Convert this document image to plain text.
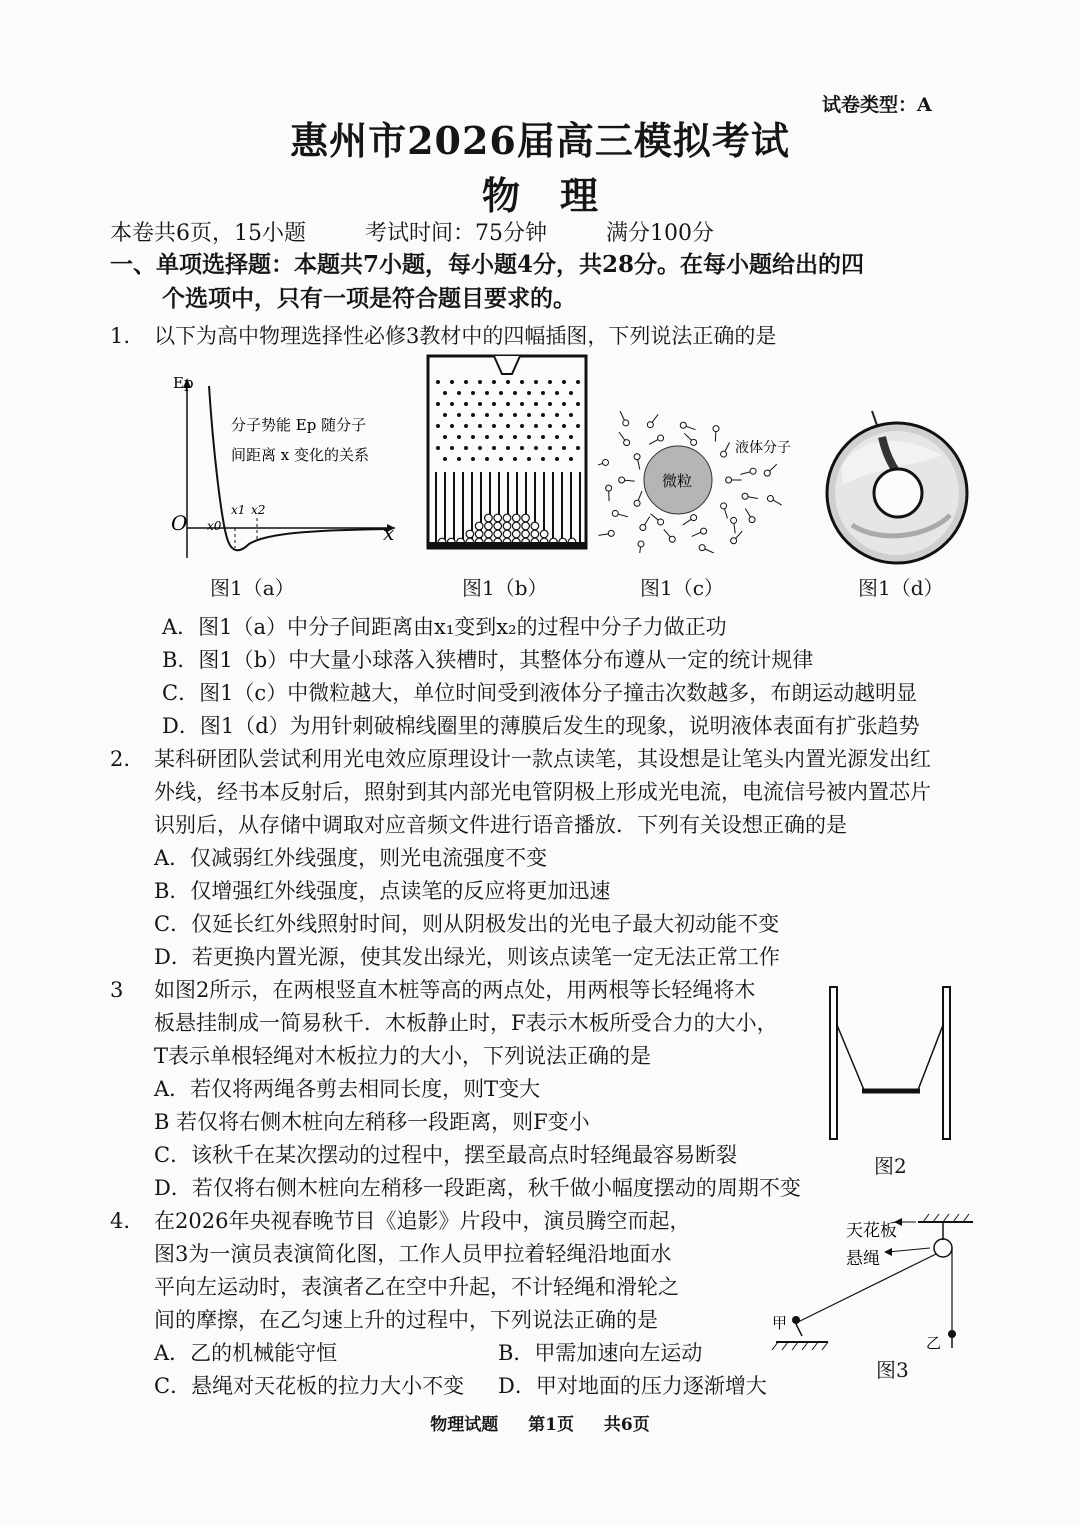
试卷类型：A
惠州市2026届高三模拟考试
物理
本卷共6页，15小题	考试时间：75分钟	满分100分
一、单项选择题：本题共7小题，每小题4分，共28分。在每小题给出的四
个选项中，只有一项是符合题目要求的。
1. 以下为高中物理选择性必修3教材中的四幅插图，下列说法正确的是
Ep
x
O x0
x1 x2
分子势能 Ep 随分子
间距离 x 变化的关系
微粒
液体分子
图1（a）	图1（b）	图1（c）	图1（d）
A．图1（a）中分子间距离由x₁变到x₂的过程中分子力做正功
B．图1（b）中大量小球落入狭槽时，其整体分布遵从一定的统计规律
C．图1（c）中微粒越大，单位时间受到液体分子撞击次数越多，布朗运动越明显
D．图1（d）为用针刺破棉线圈里的薄膜后发生的现象，说明液体表面有扩张趋势
2. 某科研团队尝试利用光电效应原理设计一款点读笔，其设想是让笔头内置光源发出红
外线，经书本反射后，照射到其内部光电管阴极上形成光电流，电流信号被内置芯片
识别后，从存储中调取对应音频文件进行语音播放．下列有关设想正确的是
A．仅减弱红外线强度，则光电流强度不变
B．仅增强红外线强度，点读笔的反应将更加迅速
C．仅延长红外线照射时间，则从阴极发出的光电子最大初动能不变
D．若更换内置光源，使其发出绿光，则该点读笔一定无法正常工作
3 如图2所示，在两根竖直木桩等高的两点处，用两根等长轻绳将木
板悬挂制成一简易秋千．木板静止时，F表示木板所受合力的大小，
T表示单根轻绳对木板拉力的大小，下列说法正确的是
A．若仅将两绳各剪去相同长度，则T变大
B 若仅将右侧木桩向左稍移一段距离，则F变小
C．该秋千在某次摆动的过程中，摆至最高点时轻绳最容易断裂
D．若仅将右侧木桩向左稍移一段距离，秋千做小幅度摆动的周期不变
图2
4. 在2026年央视春晚节目《追影》片段中，演员腾空而起，
图3为一演员表演简化图，工作人员甲拉着轻绳沿地面水
平向左运动时，表演者乙在空中升起，不计轻绳和滑轮之
间的摩擦，在乙匀速上升的过程中，下列说法正确的是
A．乙的机械能守恒	B．甲需加速向左运动
C．悬绳对天花板的拉力大小不变 D．甲对地面的压力逐渐增大
天花板
悬绳
甲
乙
图3
物理试题 第1页 共6页
